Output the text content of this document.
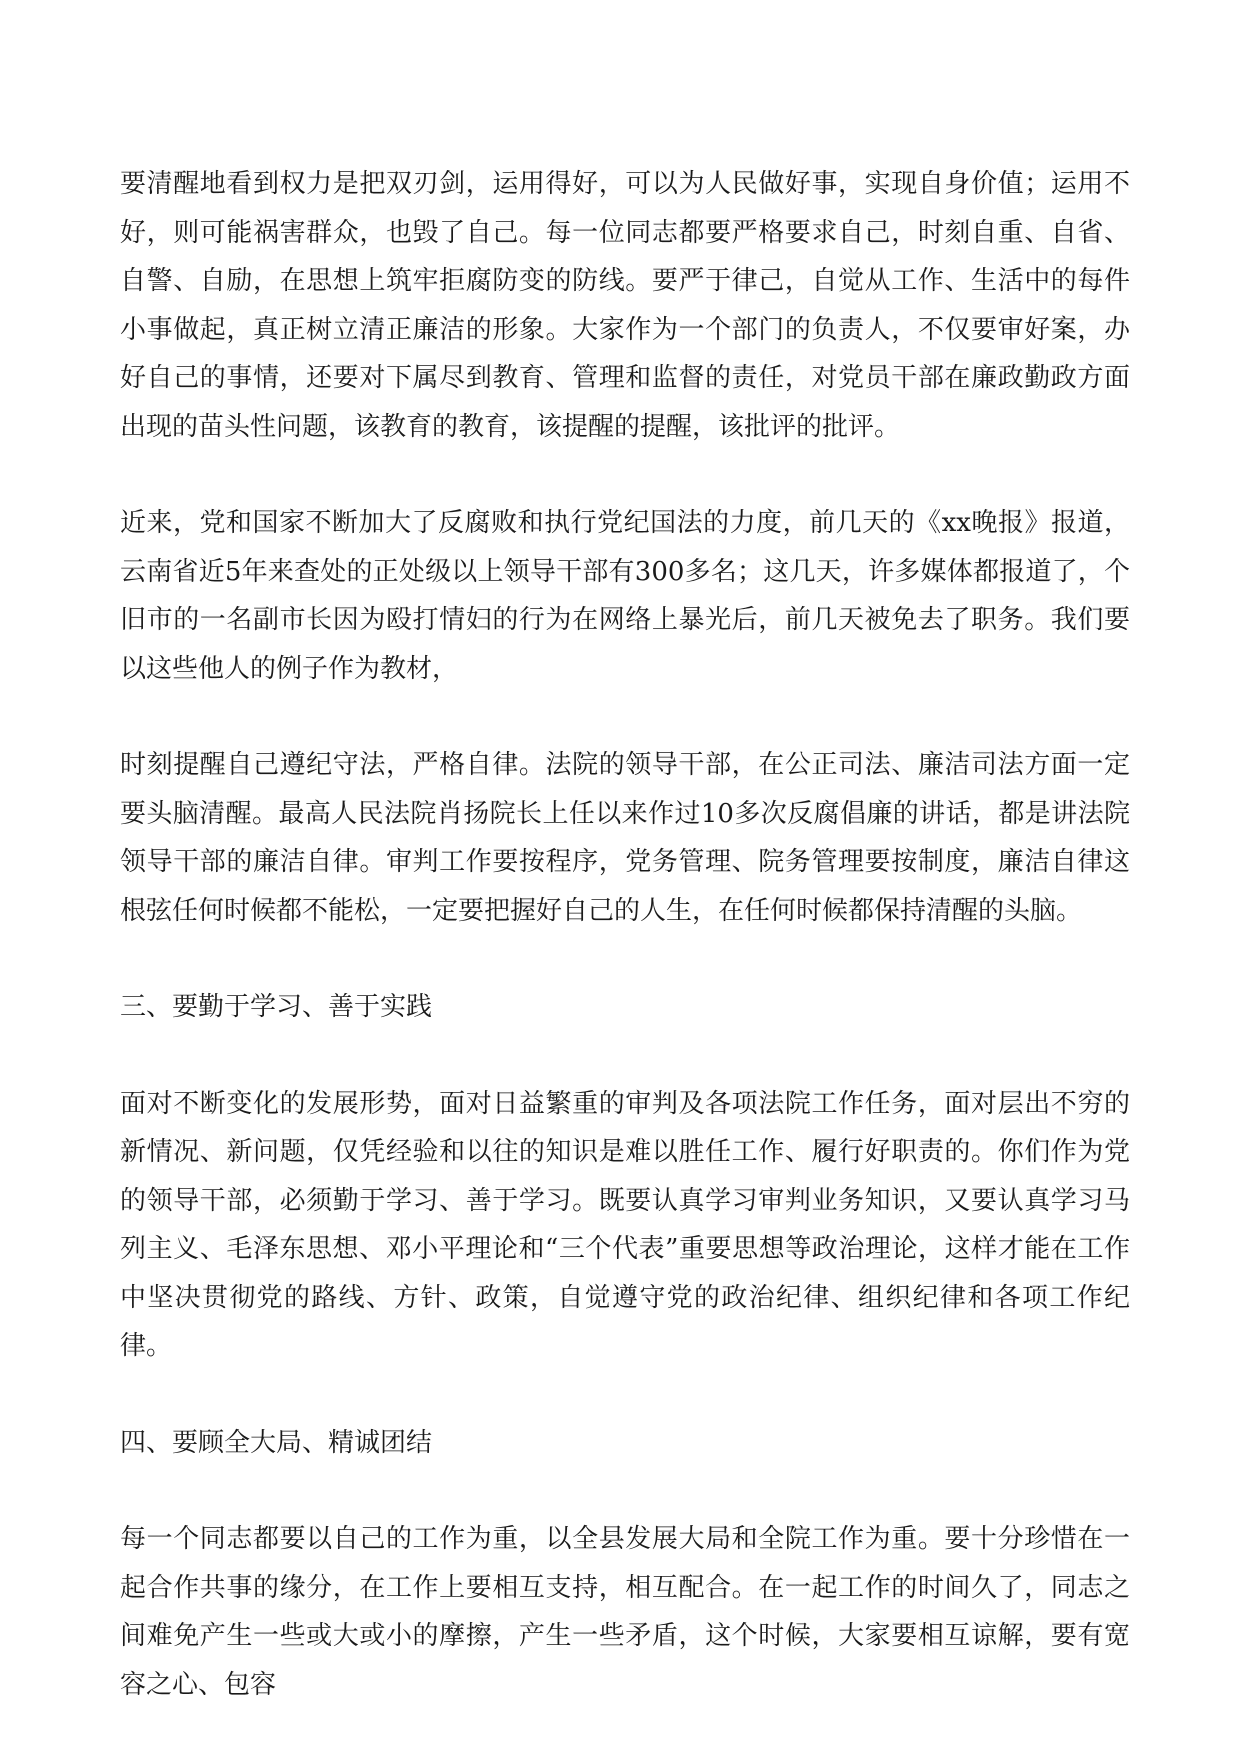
要清醒地看到权力是把双刃剑，运用得好，可以为人民做好事，实现自身价值；运用不好，则可能祸害群众，也毁了自己。每一位同志都要严格要求自己，时刻自重、自省、自警、自励，在思想上筑牢拒腐防变的防线。要严于律己，自觉从工作、生活中的每件小事做起，真正树立清正廉洁的形象。大家作为一个部门的负责人，不仅要审好案，办好自己的事情，还要对下属尽到教育、管理和监督的责任，对党员干部在廉政勤政方面出现的苗头性问题，该教育的教育，该提醒的提醒，该批评的批评。

近来，党和国家不断加大了反腐败和执行党纪国法的力度，前几天的《xx晚报》报道，云南省近5年来查处的正处级以上领导干部有300多名；这几天，许多媒体都报道了，个旧市的一名副市长因为殴打情妇的行为在网络上暴光后，前几天被免去了职务。我们要以这些他人的例子作为教材，

时刻提醒自己遵纪守法，严格自律。法院的领导干部，在公正司法、廉洁司法方面一定要头脑清醒。最高人民法院肖扬院长上任以来作过10多次反腐倡廉的讲话，都是讲法院领导干部的廉洁自律。审判工作要按程序，党务管理、院务管理要按制度，廉洁自律这根弦任何时候都不能松，一定要把握好自己的人生，在任何时候都保持清醒的头脑。

三、要勤于学习、善于实践

面对不断变化的发展形势，面对日益繁重的审判及各项法院工作任务，面对层出不穷的新情况、新问题，仅凭经验和以往的知识是难以胜任工作、履行好职责的。你们作为党的领导干部，必须勤于学习、善于学习。既要认真学习审判业务知识，又要认真学习马列主义、毛泽东思想、邓小平理论和“三个代表”重要思想等政治理论，这样才能在工作中坚决贯彻党的路线、方针、政策，自觉遵守党的政治纪律、组织纪律和各项工作纪律。

四、要顾全大局、精诚团结

每一个同志都要以自己的工作为重，以全县发展大局和全院工作为重。要十分珍惜在一起合作共事的缘分，在工作上要相互支持，相互配合。在一起工作的时间久了，同志之间难免产生一些或大或小的摩擦，产生一些矛盾，这个时候，大家要相互谅解，要有宽容之心、包容
